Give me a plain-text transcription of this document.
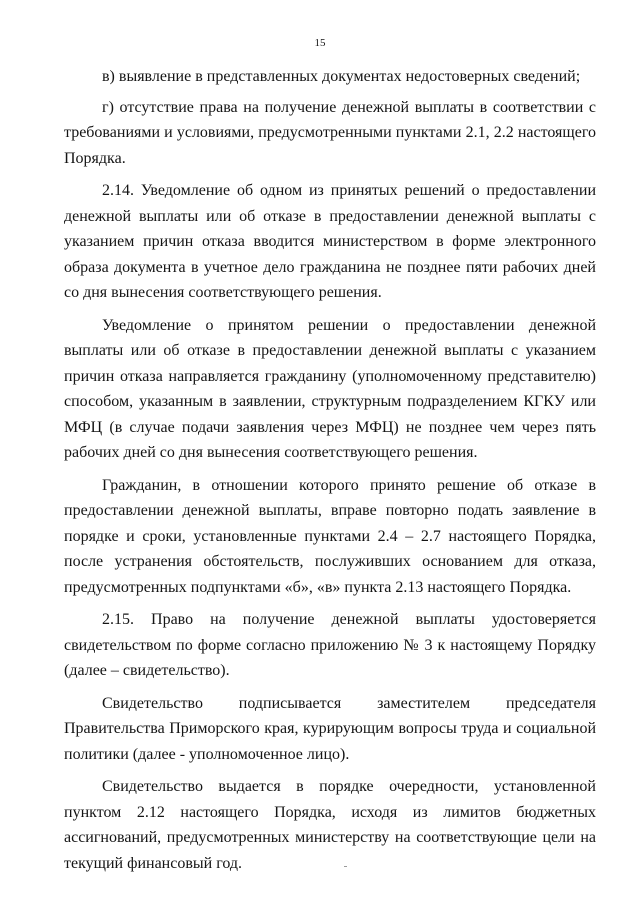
15

в) выявление в представленных документах недостоверных сведений;

г) отсутствие права на получение денежной выплаты в соответствии с требованиями и условиями, предусмотренными пунктами 2.1, 2.2 настоящего Порядка.

2.14. Уведомление об одном из принятых решений о предоставлении денежной выплаты или об отказе в предоставлении денежной выплаты с указанием причин отказа вводится министерством в форме электронного образа документа в учетное дело гражданина не позднее пяти рабочих дней со дня вынесения соответствующего решения.

Уведомление о принятом решении о предоставлении денежной выплаты или об отказе в предоставлении денежной выплаты с указанием причин отказа направляется гражданину (уполномоченному представителю) способом, указанным в заявлении, структурным подразделением КГКУ или МФЦ (в случае подачи заявления через МФЦ) не позднее чем через пять рабочих дней со дня вынесения соответствующего решения.

Гражданин, в отношении которого принято решение об отказе в предоставлении денежной выплаты, вправе повторно подать заявление в порядке и сроки, установленные пунктами 2.4 – 2.7 настоящего Порядка, после устранения обстоятельств, послуживших основанием для отказа, предусмотренных подпунктами «б», «в» пункта 2.13 настоящего Порядка.

2.15. Право на получение денежной выплаты удостоверяется свидетельством по форме согласно приложению № 3 к настоящему Порядку (далее – свидетельство).

Свидетельство подписывается заместителем председателя Правительства Приморского края, курирующим вопросы труда и социальной политики (далее - уполномоченное лицо).

Свидетельство выдается в порядке очередности, установленной пунктом 2.12 настоящего Порядка, исходя из лимитов бюджетных ассигнований, предусмотренных министерству на соответствующие цели на текущий финансовый год.
